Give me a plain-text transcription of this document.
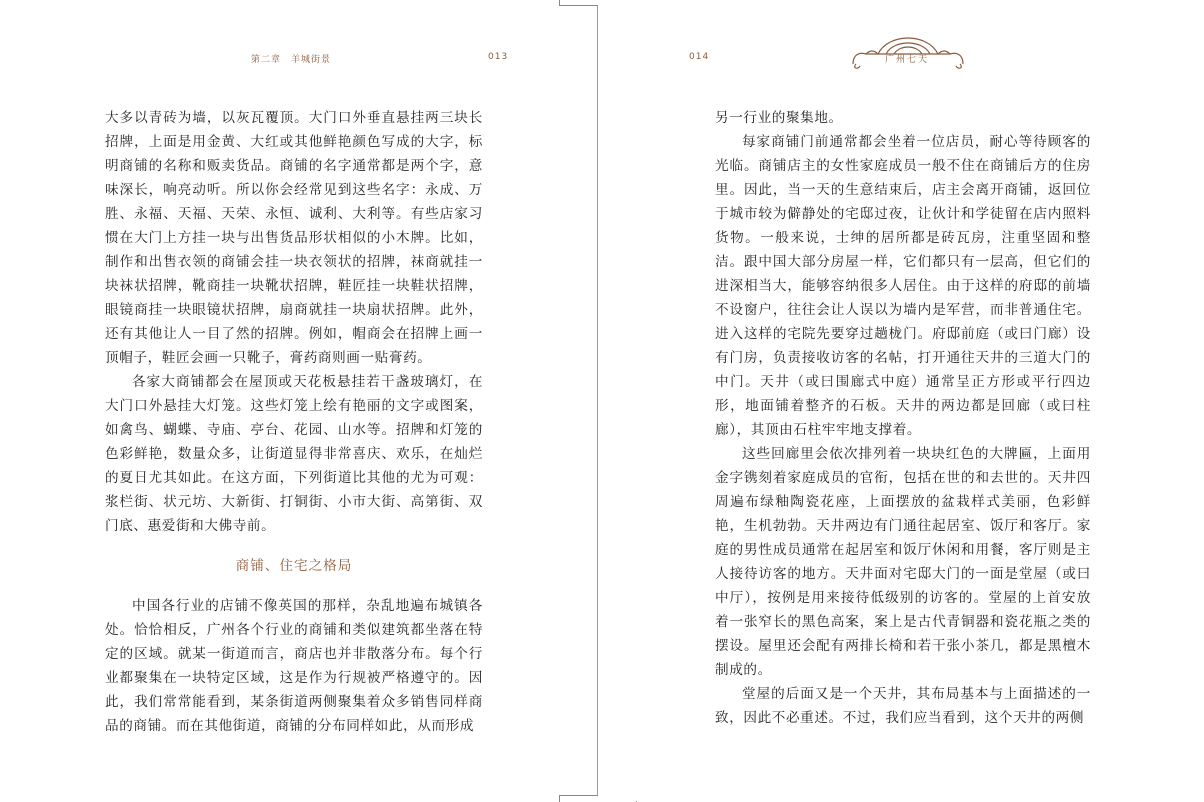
第二章　羊城街景	013

大多以青砖为墙，以灰瓦覆顶。大门口外垂直悬挂两三块长招牌，上面是用金黄、大红或其他鲜艳颜色写成的大字，标明商铺的名称和贩卖货品。商铺的名字通常都是两个字，意味深长，响亮动听。所以你会经常见到这些名字：永成、万胜、永福、天福、天荣、永恒、诚利、大利等。有些店家习惯在大门上方挂一块与出售货品形状相似的小木牌。比如，制作和出售衣领的商铺会挂一块衣领状的招牌，袜商就挂一块袜状招牌，靴商挂一块靴状招牌，鞋匠挂一块鞋状招牌，眼镜商挂一块眼镜状招牌，扇商就挂一块扇状招牌。此外，还有其他让人一目了然的招牌。例如，帽商会在招牌上画一顶帽子，鞋匠会画一只靴子，膏药商则画一贴膏药。

各家大商铺都会在屋顶或天花板悬挂若干盏玻璃灯，在大门口外悬挂大灯笼。这些灯笼上绘有艳丽的文字或图案，如禽鸟、蝴蝶、寺庙、亭台、花园、山水等。招牌和灯笼的色彩鲜艳，数量众多，让街道显得非常喜庆、欢乐，在灿烂的夏日尤其如此。在这方面，下列街道比其他的尤为可观：浆栏街、状元坊、大新街、打铜街、小市大街、高第街、双门底、惠爱街和大佛寺前。

商铺、住宅之格局

中国各行业的店铺不像英国的那样，杂乱地遍布城镇各处。恰恰相反，广州各个行业的商铺和类似建筑都坐落在特定的区域。就某一街道而言，商店也并非散落分布。每个行业都聚集在一块特定区域，这是作为行规被严格遵守的。因此，我们常常能看到，某条街道两侧聚集着众多销售同样商品的商铺。而在其他街道，商铺的分布同样如此，从而形成

014	广州七天

另一行业的聚集地。

每家商铺门前通常都会坐着一位店员，耐心等待顾客的光临。商铺店主的女性家庭成员一般不住在商铺后方的住房里。因此，当一天的生意结束后，店主会离开商铺，返回位于城市较为僻静处的宅邸过夜，让伙计和学徒留在店内照料货物。一般来说，士绅的居所都是砖瓦房，注重坚固和整洁。跟中国大部分房屋一样，它们都只有一层高，但它们的进深相当大，能够容纳很多人居住。由于这样的府邸的前墙不设窗户，往往会让人误以为墙内是军营，而非普通住宅。进入这样的宅院先要穿过趟栊门。府邸前庭（或曰门廊）设有门房，负责接收访客的名帖，打开通往天井的三道大门的中门。天井（或曰围廊式中庭）通常呈正方形或平行四边形，地面铺着整齐的石板。天井的两边都是回廊（或曰柱廊），其顶由石柱牢牢地支撑着。

这些回廊里会依次排列着一块块红色的大牌匾，上面用金字镌刻着家庭成员的官衔，包括在世的和去世的。天井四周遍布绿釉陶瓷花座，上面摆放的盆栽样式美丽，色彩鲜艳，生机勃勃。天井两边有门通往起居室、饭厅和客厅。家庭的男性成员通常在起居室和饭厅休闲和用餐，客厅则是主人接待访客的地方。天井面对宅邸大门的一面是堂屋（或曰中厅），按例是用来接待低级别的访客的。堂屋的上首安放着一张窄长的黑色高案，案上是古代青铜器和瓷花瓶之类的摆设。屋里还会配有两排长椅和若干张小茶几，都是黑檀木制成的。

堂屋的后面又是一个天井，其布局基本与上面描述的一致，因此不必重述。不过，我们应当看到，这个天井的两侧
